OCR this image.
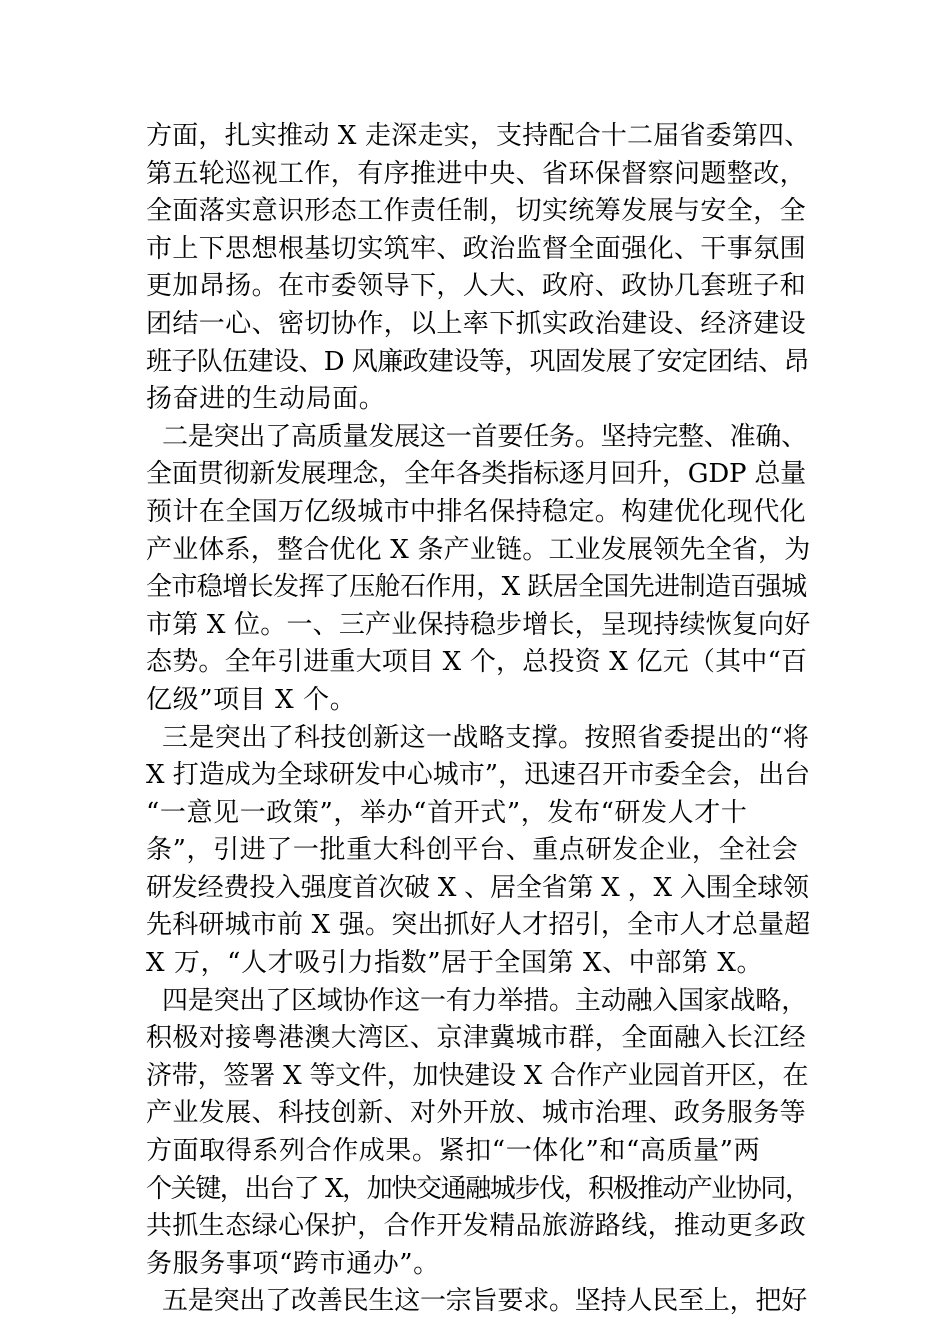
方面，扎实推动 X 走深走实，支持配合十二届省委第四、
第五轮巡视工作，有序推进中央、省环保督察问题整改，
全面落实意识形态工作责任制，切实统筹发展与安全，全
市上下思想根基切实筑牢、政治监督全面强化、干事氛围
更加昂扬。在市委领导下，人大、政府、政协几套班子和
团结一心、密切协作，以上率下抓实政治建设、经济建设
班子队伍建设、D 风廉政建设等，巩固发展了安定团结、昂
扬奋进的生动局面。
二是突出了高质量发展这一首要任务。坚持完整、准确、
全面贯彻新发展理念，全年各类指标逐月回升，GDP 总量
预计在全国万亿级城市中排名保持稳定。构建优化现代化
产业体系，整合优化 X 条产业链。工业发展领先全省，为
全市稳增长发挥了压舱石作用，X 跃居全国先进制造百强城
市第 X 位。一、三产业保持稳步增长，呈现持续恢复向好
态势。全年引进重大项目 X 个，总投资 X 亿元（其中“百
亿级”项目 X 个。
三是突出了科技创新这一战略支撑。按照省委提出的“将
X 打造成为全球研发中心城市”，迅速召开市委全会，出台
“一意见一政策”，举办“首开式”，发布“研发人才十
条”，引进了一批重大科创平台、重点研发企业，全社会
研发经费投入强度首次破 X 、居全省第 X ，X 入围全球领
先科研城市前 X 强。突出抓好人才招引，全市人才总量超
X 万，“人才吸引力指数”居于全国第 X、中部第 X。
四是突出了区域协作这一有力举措。主动融入国家战略，
积极对接粤港澳大湾区、京津冀城市群，全面融入长江经
济带，签署 X 等文件，加快建设 X 合作产业园首开区，在
产业发展、科技创新、对外开放、城市治理、政务服务等
方面取得系列合作成果。紧扣“一体化”和“高质量”两
个关键，出台了 X，加快交通融城步伐，积极推动产业协同，
共抓生态绿心保护，合作开发精品旅游路线，推动更多政
务服务事项“跨市通办”。
五是突出了改善民生这一宗旨要求。坚持人民至上，把好
